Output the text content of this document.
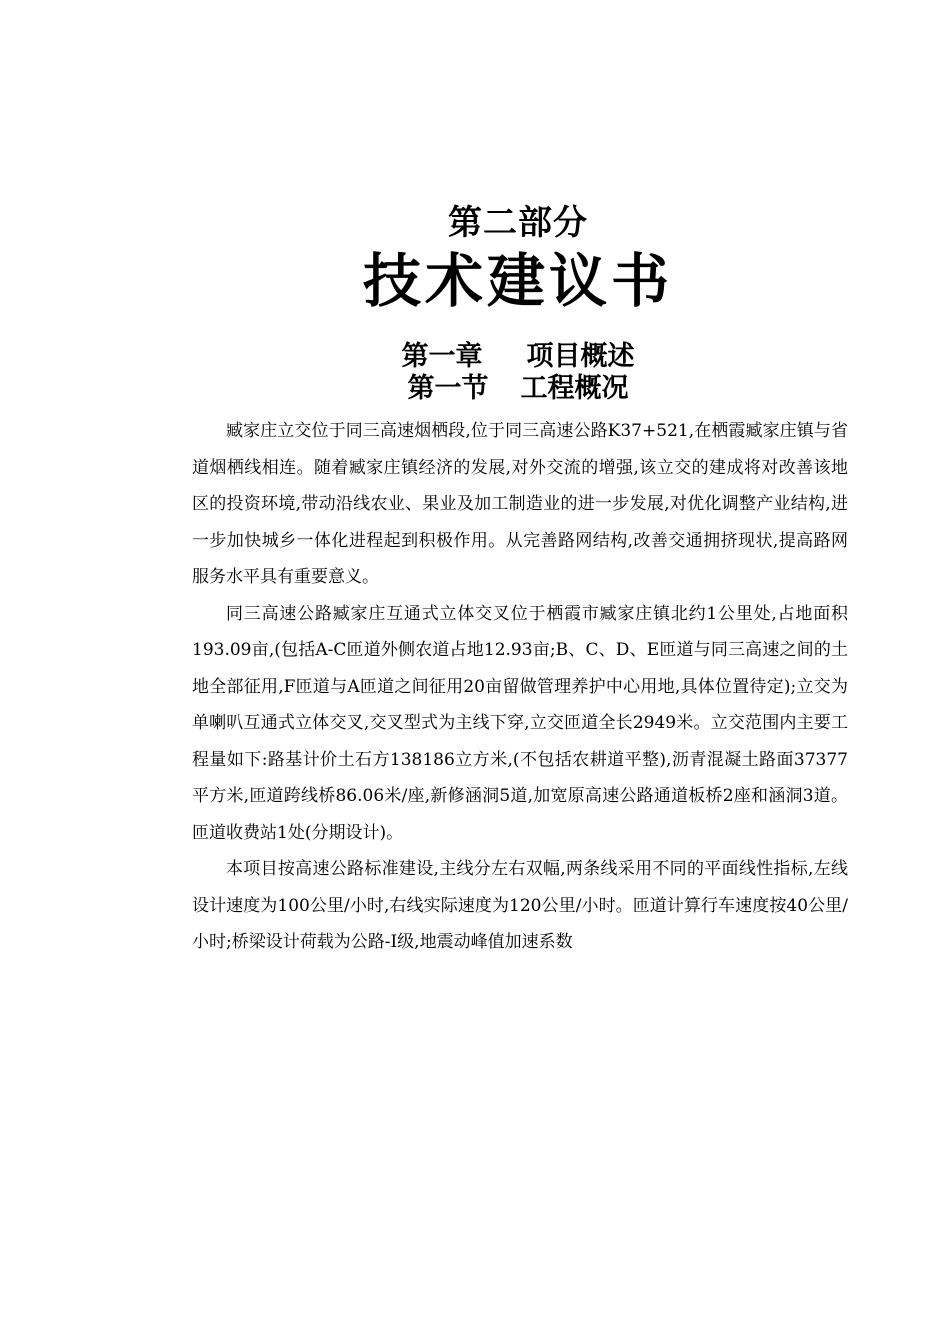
第二部分
技术建议书
第一章 项目概述
第一节 工程概况

臧家庄立交位于同三高速烟栖段,位于同三高速公路K37+521,在栖霞臧家庄镇与省道烟栖线相连。随着臧家庄镇经济的发展,对外交流的增强,该立交的建成将对改善该地区的投资环境,带动沿线农业、果业及加工制造业的进一步发展,对优化调整产业结构,进一步加快城乡一体化进程起到积极作用。从完善路网结构,改善交通拥挤现状,提高路网服务水平具有重要意义。

同三高速公路臧家庄互通式立体交叉位于栖霞市臧家庄镇北约1公里处,占地面积193.09亩,(包括A-C匝道外侧农道占地12.93亩;B、C、D、E匝道与同三高速之间的土地全部征用,F匝道与A匝道之间征用20亩留做管理养护中心用地,具体位置待定);立交为单喇叭互通式立体交叉,交叉型式为主线下穿,立交匝道全长2949米。立交范围内主要工程量如下:路基计价土石方138186立方米,(不包括农耕道平整),沥青混凝土路面37377平方米,匝道跨线桥86.06米/座,新修涵洞5道,加宽原高速公路通道板桥2座和涵洞3道。匝道收费站1处(分期设计)。

本项目按高速公路标准建设,主线分左右双幅,两条线采用不同的平面线性指标,左线设计速度为100公里/小时,右线实际速度为120公里/小时。匝道计算行车速度按40公里/小时;桥梁设计荷载为公路-Ⅰ级,地震动峰值加速系数
